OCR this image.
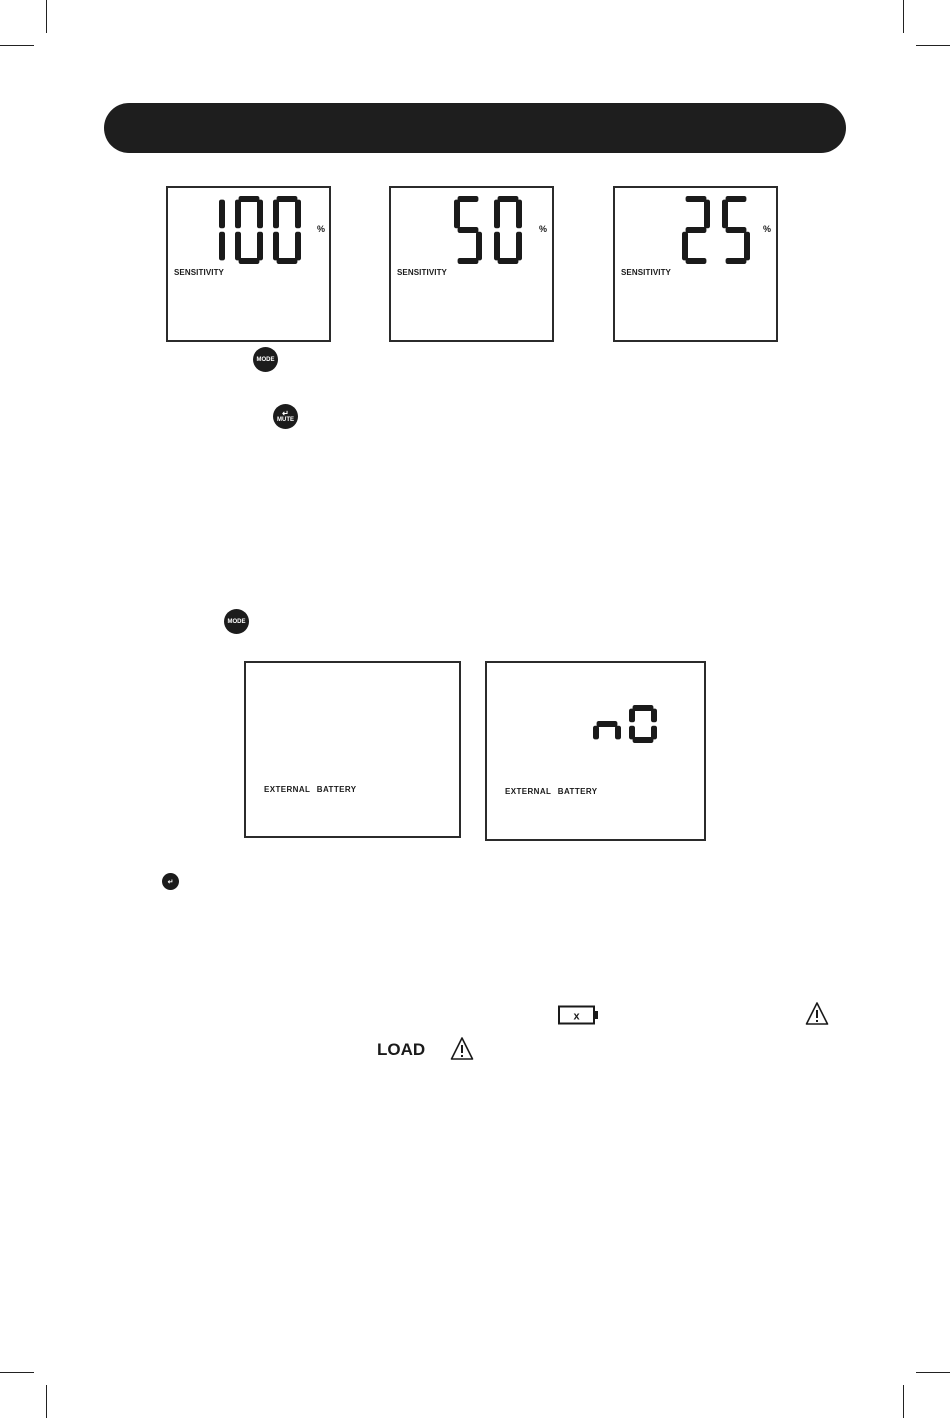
%
SENSITIVITY
%
SENSITIVITY
%
SENSITIVITY
MODE
↵
MUTE
MODE
EXTERNAL BATTERY	EXTERNAL BATTERY
↵
x
LOAD
